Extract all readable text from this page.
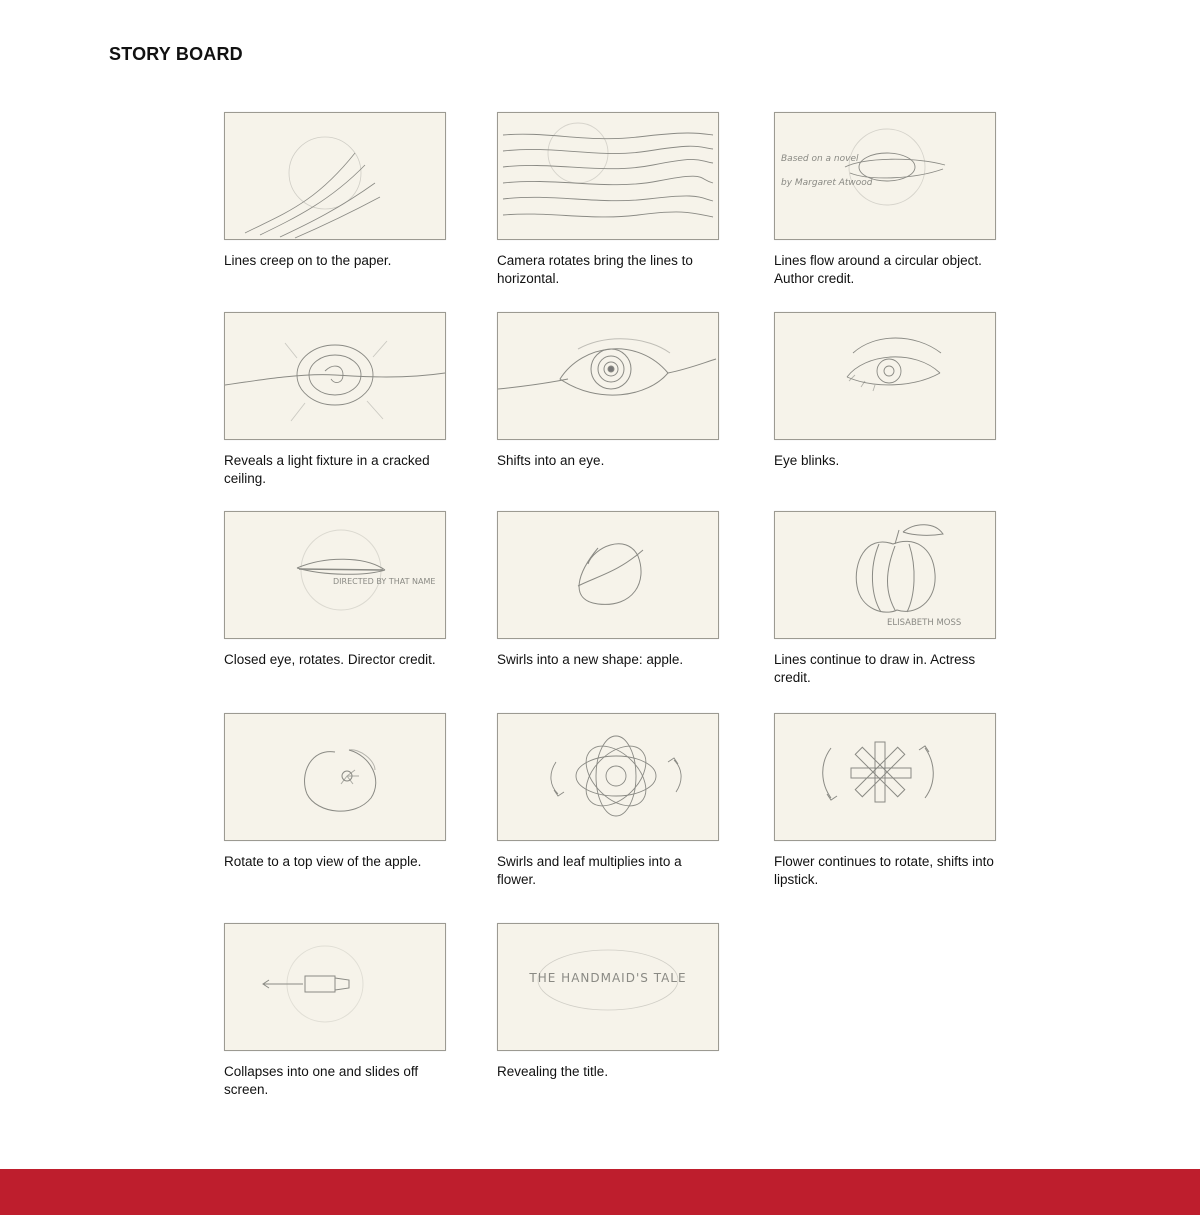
STORY BOARD
Lines creep on to the paper.	Camera rotates bring the lines to horizontal.
Based on a novel
by Margaret Atwood
Lines flow around a circular object. Author credit.
Reveals a light fixture in a cracked ceiling.
Shifts into an eye.	Eye blinks.
DIRECTED BY THAT NAME
Closed eye, rotates. Director credit.	Swirls into a new shape: apple.
ELISABETH MOSS
Lines continue to draw in. Actress credit.
Rotate to a top view of the apple.	Swirls and leaf multiplies into a flower.
Flower continues to rotate, shifts into lipstick.
Collapses into one and slides off screen.
THE HANDMAID'S TALE
Revealing the title.
